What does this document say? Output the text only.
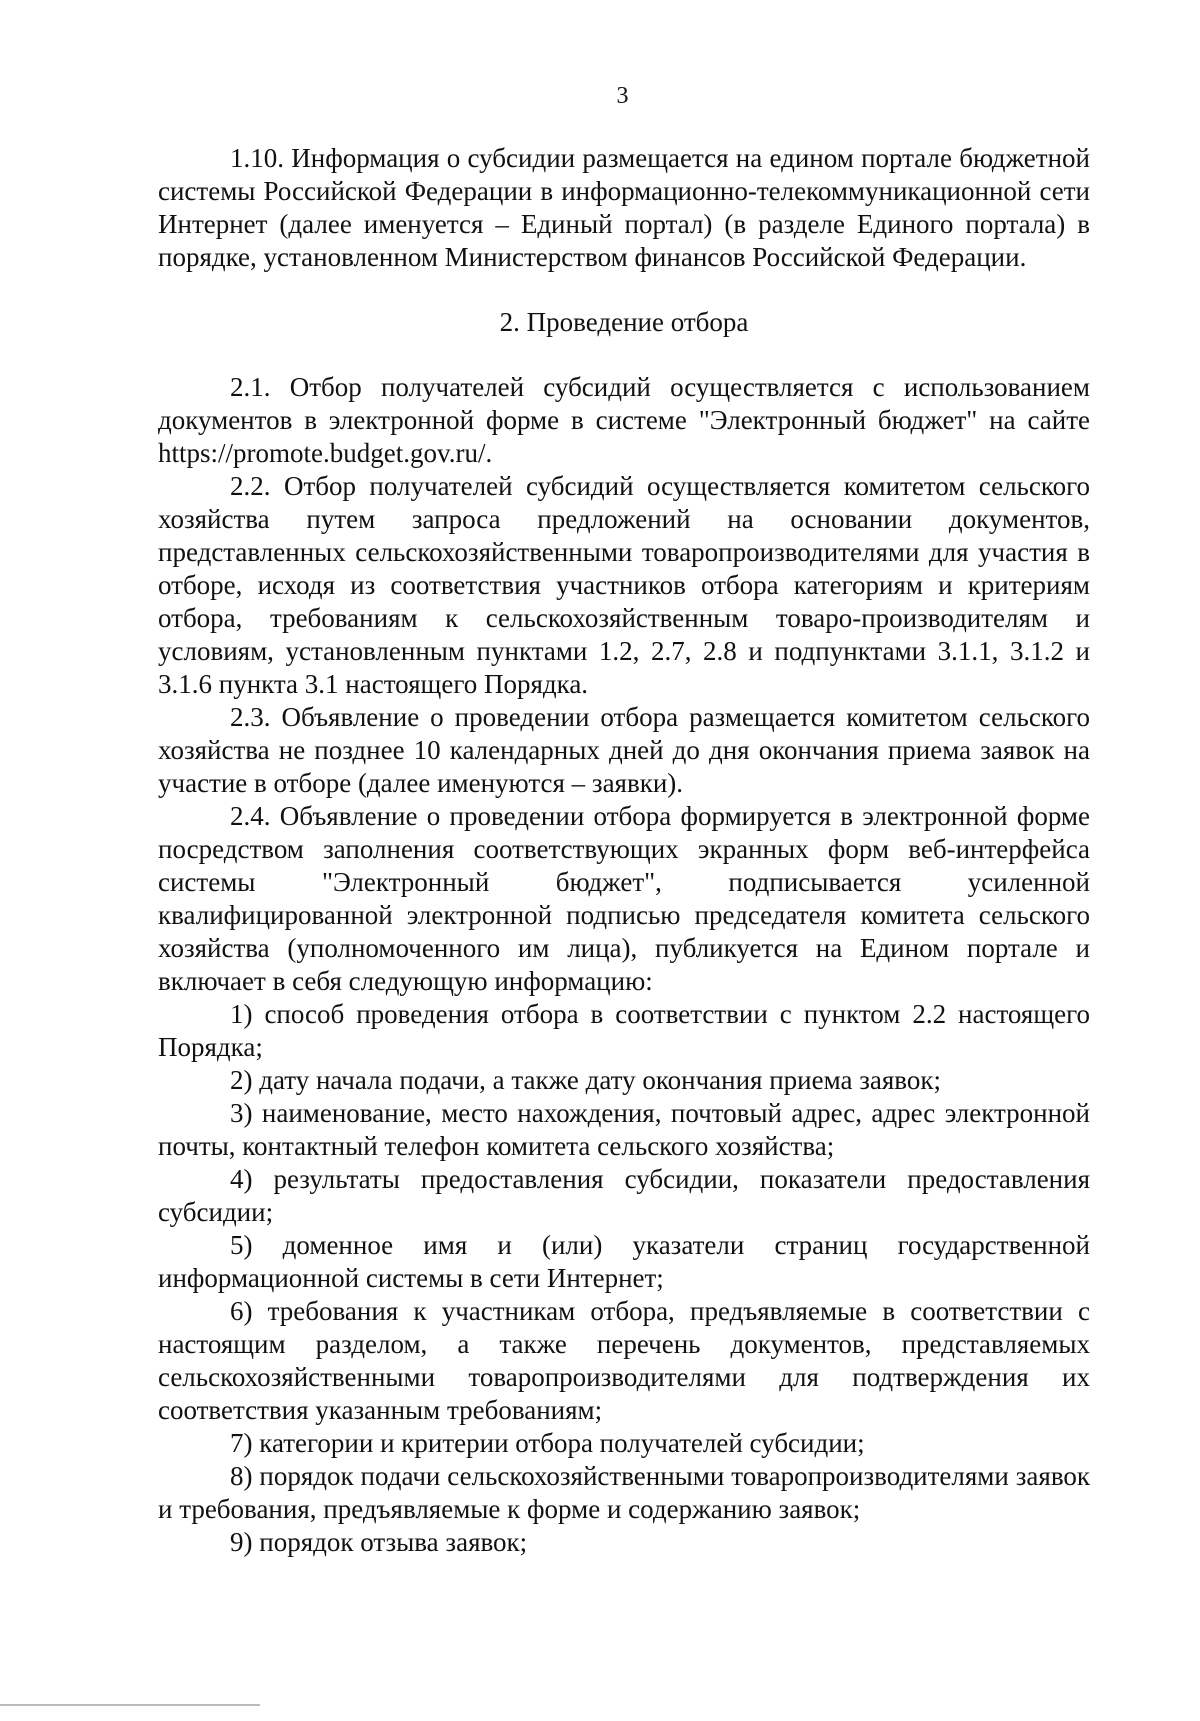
3

1.10. Информация о субсидии размещается на едином портале бюджетной системы Российской Федерации в информационно-телекоммуникационной сети Интернет (далее именуется – Единый портал) (в разделе Единого портала) в порядке, установленном Министерством финансов Российской Федерации.

2. Проведение отбора

2.1. Отбор получателей субсидий осуществляется с использованием документов в электронной форме в системе "Электронный бюджет" на сайте https://promote.budget.gov.ru/.

2.2. Отбор получателей субсидий осуществляется комитетом сельского хозяйства путем запроса предложений на основании документов, представленных сельскохозяйственными товаропроизводителями для участия в отборе, исходя из соответствия участников отбора категориям и критериям отбора, требованиям к сельскохозяйственным товаро-производителям и условиям, установленным пунктами 1.2, 2.7, 2.8 и подпунктами 3.1.1, 3.1.2 и 3.1.6 пункта 3.1 настоящего Порядка.

2.3. Объявление о проведении отбора размещается комитетом сельского хозяйства не позднее 10 календарных дней до дня окончания приема заявок на участие в отборе (далее именуются – заявки).

2.4. Объявление о проведении отбора формируется в электронной форме посредством заполнения соответствующих экранных форм веб-интерфейса системы "Электронный бюджет", подписывается усиленной квалифицированной электронной подписью председателя комитета сельского хозяйства (уполномоченного им лица), публикуется на Едином портале и включает в себя следующую информацию:

1) способ проведения отбора в соответствии с пунктом 2.2 настоящего Порядка;

2) дату начала подачи, а также дату окончания приема заявок;

3) наименование, место нахождения, почтовый адрес, адрес электронной почты, контактный телефон комитета сельского хозяйства;

4) результаты предоставления субсидии, показатели предоставления субсидии;

5) доменное имя и (или) указатели страниц государственной информационной системы в сети Интернет;

6) требования к участникам отбора, предъявляемые в соответствии с настоящим разделом, а также перечень документов, представляемых сельскохозяйственными товаропроизводителями для подтверждения их соответствия указанным требованиям;

7) категории и критерии отбора получателей субсидии;

8) порядок подачи сельскохозяйственными товаропроизводителями заявок и требования, предъявляемые к форме и содержанию заявок;

9) порядок отзыва заявок;
